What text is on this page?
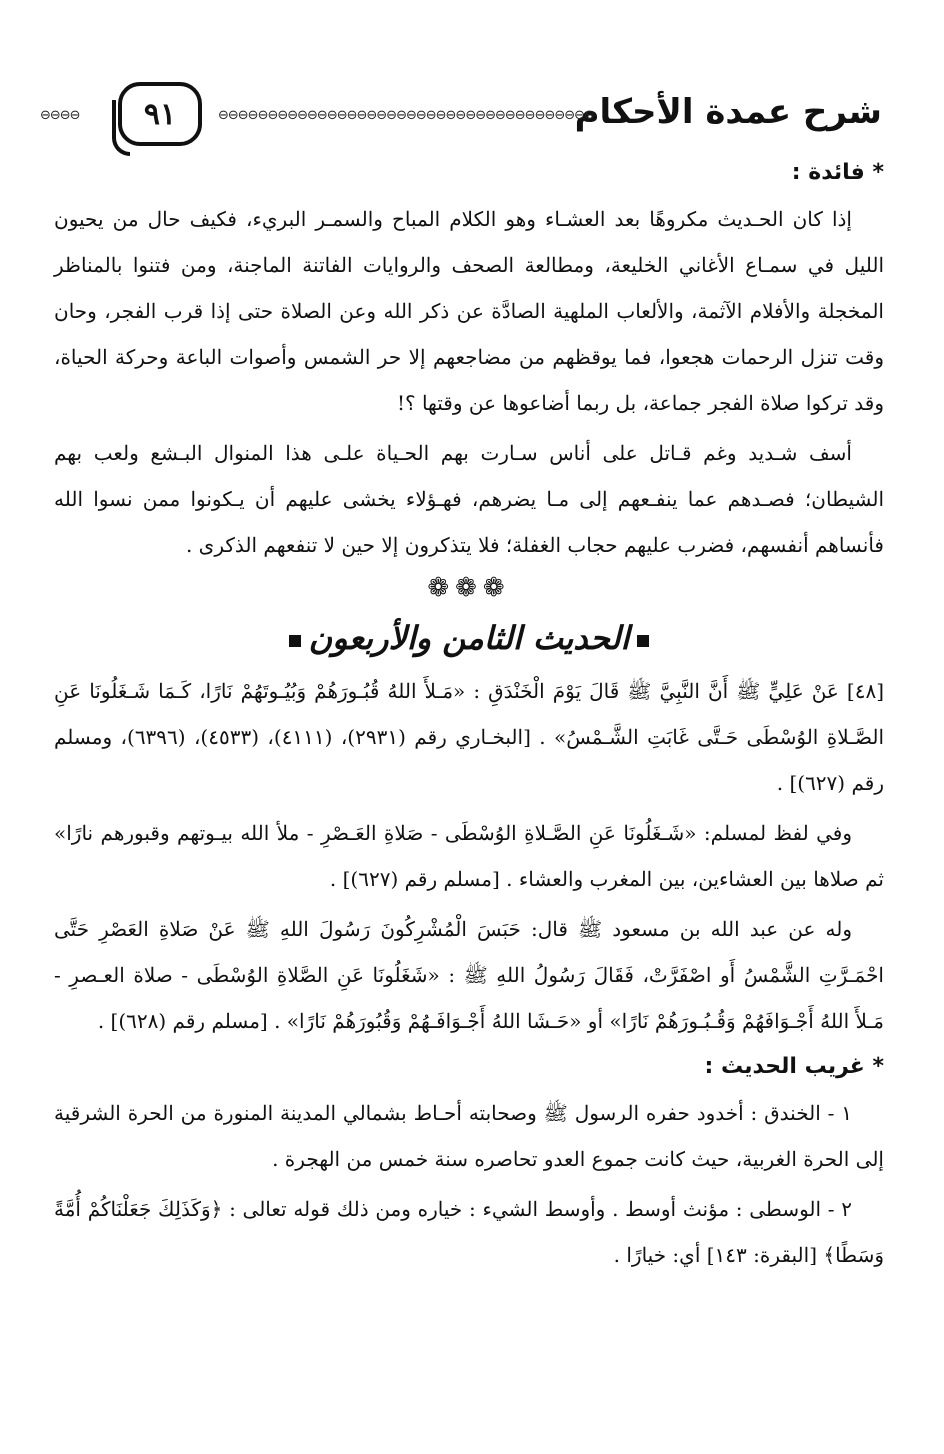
شرح عمدة الأحكام
⊖⊖⊖⊖⊖⊖⊖⊖⊖⊖⊖⊖⊖⊖⊖⊖⊖⊖⊖⊖⊖⊖⊖⊖⊖⊖⊖⊖⊖⊖⊖⊖⊖⊖⊖⊖⊖⊖
٩١
⊖⊖⊖⊖

* فائدة :

إذا كان الحـديث مكروهًا بعد العشـاء وهو الكلام المباح والسمـر البريء، فكيف حال من يحيون الليل في سمـاع الأغاني الخليعة، ومطالعة الصحف والروايات الفاتنة الماجنة، ومن فتنوا بالمناظر المخجلة والأفلام الآثمة، والألعاب الملهية الصادَّة عن ذكر الله وعن الصلاة حتى إذا قرب الفجر، وحان وقت تنزل الرحمات هجعوا، فما يوقظهم من مضاجعهم إلا حر الشمس وأصوات الباعة وحركة الحياة، وقد تركوا صلاة الفجر جماعة، بل ربما أضاعوها عن وقتها ؟!

أسف شـديد وغم قـاتل على أناس سـارت بهم الحـياة علـى هذا المنوال البـشع ولعب بهم الشيطان؛ فصـدهم عما ينفـعهم إلى مـا يضرهم، فهـؤلاء يخشى عليهم أن يـكونوا ممن نسوا الله فأنساهم أنفسهم، فضرب عليهم حجاب الغفلة؛ فلا يتذكرون إلا حين لا تنفعهم الذكرى .

❁❁❁

الحديث الثامن والأربعون

[٤٨] عَنْ عَلِيٍّ ﷺ أَنَّ النَّبِيَّ ﷺ قَالَ يَوْمَ الْخَنْدَقِ : «مَـلأَ اللهُ قُبُـورَهُمْ وَبُيُـوتَهُمْ نَارًا، كَـمَا شَـغَلُونَا عَنِ الصَّـلاةِ الوُسْطَى حَـتَّى غَابَتِ الشَّـمْسُ» . [البخـاري رقم (٢٩٣١)، (٤١١١)، (٤٥٣٣)، (٦٣٩٦)، ومسلم رقم (٦٢٧)] .

وفي لفظ لمسلم: «شَـغَلُونَا عَنِ الصَّـلاةِ الوُسْطَى - صَلاةِ العَـصْرِ - ملأ الله بيـوتهم وقبورهم نارًا» ثم صلاها بين العشاءين، بين المغرب والعشاء . [مسلم رقم (٦٢٧)] .

وله عن عبد الله بن مسعود ﷺ قال: حَبَسَ الْمُشْرِكُونَ رَسُولَ اللهِ ﷺ عَنْ صَلاةِ العَصْرِ حَتَّى احْمَـرَّتِ الشَّمْسُ أَو اصْفَرَّتْ، فَقَالَ رَسُولُ اللهِ ﷺ : «شَغَلُونَا عَنِ الصَّلاةِ الوُسْطَى - صلاة العـصرِ - مَـلأَ اللهُ أَجْـوَافَهُمْ وَقُـبُـورَهُمْ نَارًا» أو «حَـشَا اللهُ أَجْـوَافَـهُمْ وَقُبُورَهُمْ نَارًا» . [مسلم رقم (٦٢٨)] .

* غريب الحديث :

١ - الخندق : أخدود حفره الرسول ﷺ وصحابته أحـاط بشمالي المدينة المنورة من الحرة الشرقية إلى الحرة الغربية، حيث كانت جموع العدو تحاصره سنة خمس من الهجرة .

٢ - الوسطى : مؤنث أوسط . وأوسط الشيء : خياره ومن ذلك قوله تعالى : ﴿وَكَذَلِكَ جَعَلْنَاكُمْ أُمَّةً وَسَطًا﴾ [البقرة: ١٤٣] أي: خيارًا .
